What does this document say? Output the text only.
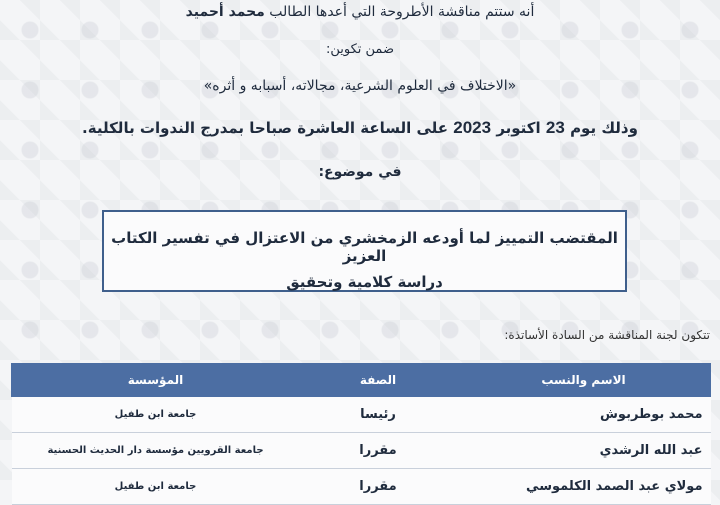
أنه ستتم مناقشة الأطروحة التي أعدها الطالب محمد أحميد
ضمن تكوين:
«الاختلاف في العلوم الشرعية، مجالاته، أسبابه و أثره»
وذلك يوم 23 اكتوبر 2023 على الساعة العاشرة صباحا بمدرج الندوات بالكلية.
في موضوع:
المقتضب التمييز لما أودعه الزمخشري من الاعتزال في تفسير الكتاب العزيز
دراسة كلامية وتحقيق
تتكون لجنة المناقشة من السادة الأساتذة:
الاسم والنسب	الصفة	المؤسسة
محمد بوطربوش	رئيسا	جامعة ابن طفيل
عبد الله الرشدي	مقررا	جامعة القرويين مؤسسة دار الحديث الحسنية
مولاي عبد الصمد الكلموسي	مقررا	جامعة ابن طفيل
